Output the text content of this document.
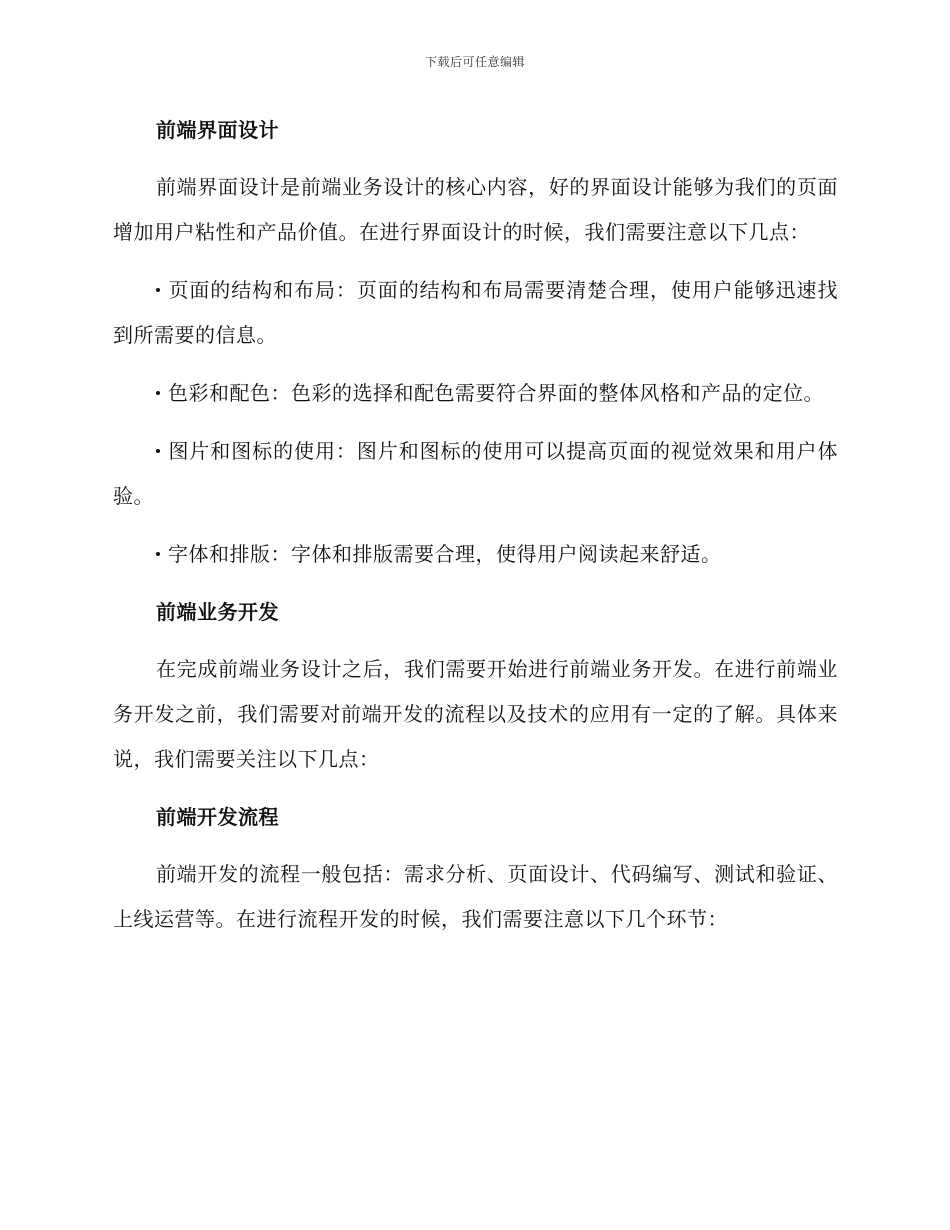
下载后可任意编辑
前端界面设计

前端界面设计是前端业务设计的核心内容，好的界面设计能够为我们的页面增加用户粘性和产品价值。在进行界面设计的时候，我们需要注意以下几点：

页面的结构和布局：页面的结构和布局需要清楚合理，使用户能够迅速找到所需要的信息。

色彩和配色：色彩的选择和配色需要符合界面的整体风格和产品的定位。

图片和图标的使用：图片和图标的使用可以提高页面的视觉效果和用户体验。

字体和排版：字体和排版需要合理，使得用户阅读起来舒适。

前端业务开发

在完成前端业务设计之后，我们需要开始进行前端业务开发。在进行前端业务开发之前，我们需要对前端开发的流程以及技术的应用有一定的了解。具体来说，我们需要关注以下几点：

前端开发流程

前端开发的流程一般包括：需求分析、页面设计、代码编写、测试和验证、上线运营等。在进行流程开发的时候，我们需要注意以下几个环节：
